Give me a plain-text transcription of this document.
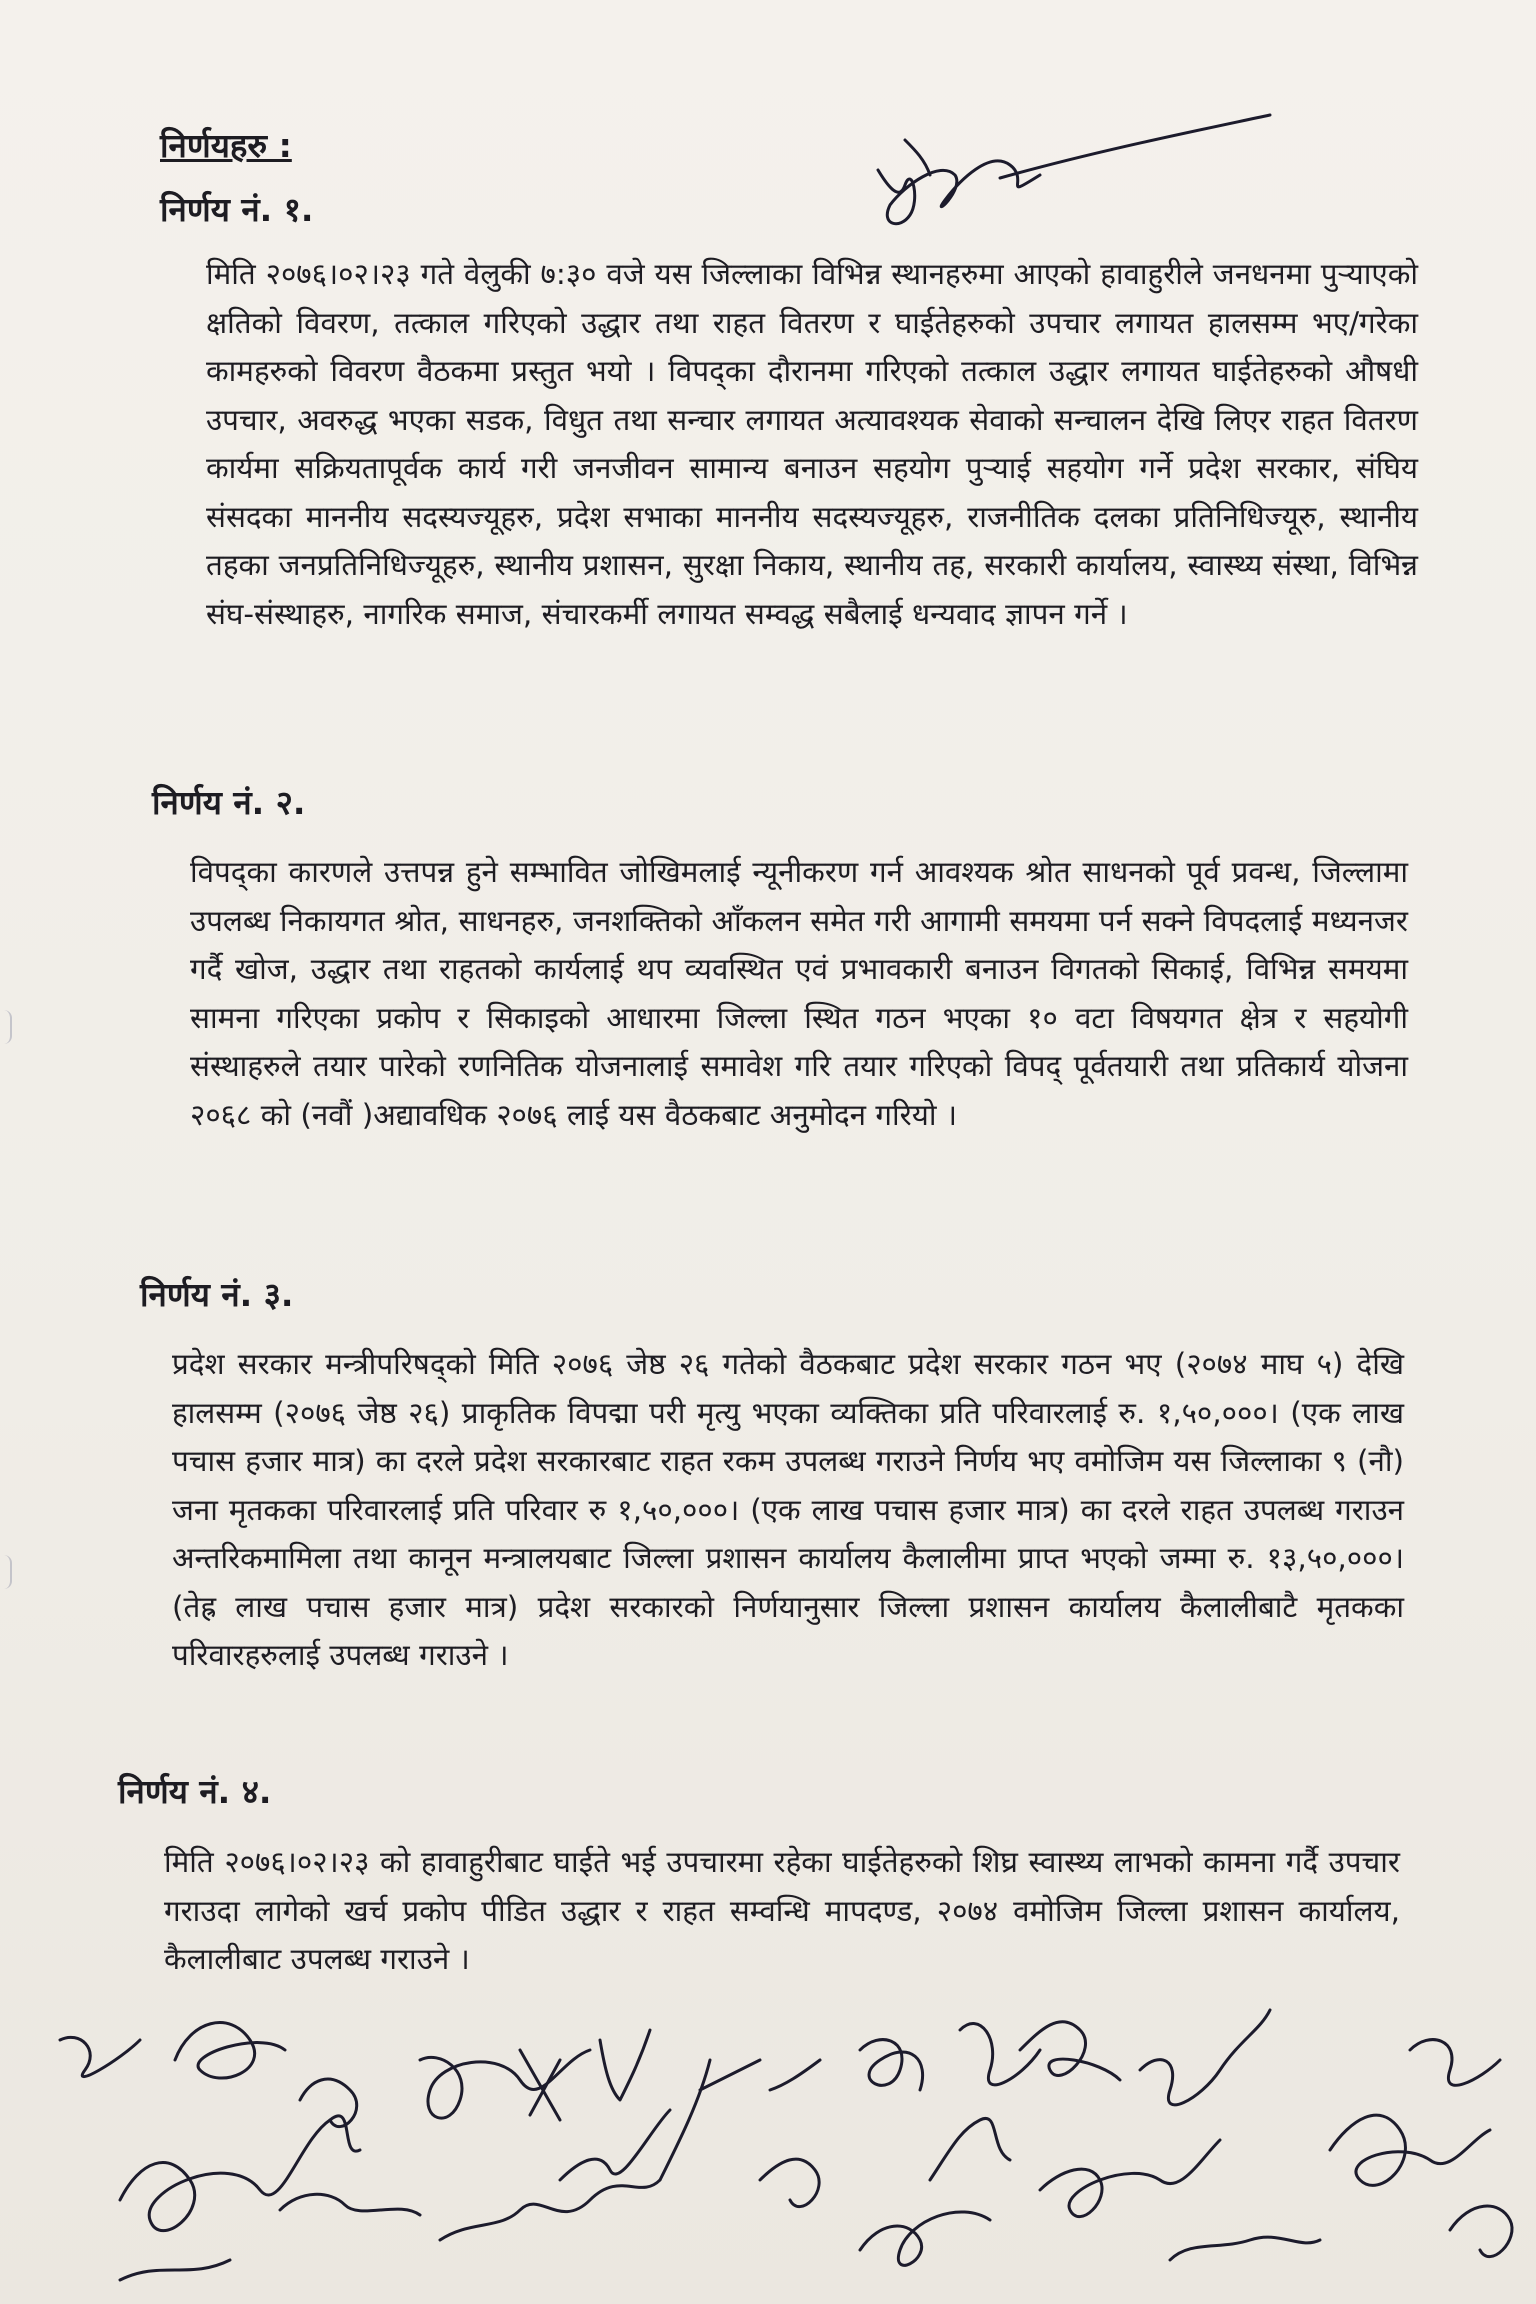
निर्णयहरु :
निर्णय नं. १.

मिति २०७६।०२।२३ गते वेलुकी ७:३० वजे यस जिल्लाका विभिन्न स्थानहरुमा आएको हावाहुरीले जनधनमा पुर्‍याएको क्षतिको विवरण, तत्काल गरिएको उद्धार तथा राहत वितरण र घाईतेहरुको उपचार लगायत हालसम्म भए/गरेका कामहरुको विवरण वैठकमा प्रस्तुत भयो । विपद्का दौरानमा गरिएको तत्काल उद्धार लगायत घाईतेहरुको औषधी उपचार, अवरुद्ध भएका सडक, विधुत तथा सन्चार लगायत अत्यावश्यक सेवाको सन्चालन देखि लिएर राहत वितरण कार्यमा सक्रियतापूर्वक कार्य गरी जनजीवन सामान्य बनाउन सहयोग पुर्‍याई सहयोग गर्ने प्रदेश सरकार, संघिय संसदका माननीय सदस्यज्यूहरु, प्रदेश सभाका माननीय सदस्यज्यूहरु, राजनीतिक दलका प्रतिनिधिज्यूरु, स्थानीय तहका जनप्रतिनिधिज्यूहरु, स्थानीय प्रशासन, सुरक्षा निकाय, स्थानीय तह, सरकारी कार्यालय, स्वास्थ्य संस्था, विभिन्न संघ-संस्थाहरु, नागरिक समाज, संचारकर्मी लगायत सम्वद्ध सबैलाई धन्यवाद ज्ञापन गर्ने ।

निर्णय नं. २.

विपद्का कारणले उत्तपन्न हुने सम्भावित जोखिमलाई न्यूनीकरण गर्न आवश्यक श्रोत साधनको पूर्व प्रवन्ध, जिल्लामा उपलब्ध निकायगत श्रोत, साधनहरु, जनशक्तिको आँकलन समेत गरी आगामी समयमा पर्न सक्ने विपदलाई मध्यनजर गर्दै खोज, उद्धार तथा राहतको कार्यलाई थप व्यवस्थित एवं प्रभावकारी बनाउन विगतको सिकाई, विभिन्न समयमा सामना गरिएका प्रकोप र सिकाइको आधारमा जिल्ला स्थित गठन भएका १० वटा विषयगत क्षेत्र र सहयोगी संस्थाहरुले तयार पारेको रणनितिक योजनालाई समावेश गरि तयार गरिएको विपद् पूर्वतयारी तथा प्रतिकार्य योजना २०६८ को (नवौं )अद्यावधिक २०७६ लाई यस वैठकबाट अनुमोदन गरियो ।

निर्णय नं. ३.

प्रदेश सरकार मन्त्रीपरिषद्को मिति २०७६ जेष्ठ २६ गतेको वैठकबाट प्रदेश सरकार गठन भए (२०७४ माघ ५) देखि हालसम्म (२०७६ जेष्ठ २६) प्राकृतिक विपद्मा परी मृत्यु भएका व्यक्तिका प्रति परिवारलाई रु. १,५०,०००। (एक लाख पचास हजार मात्र) का दरले प्रदेश सरकारबाट राहत रकम उपलब्ध गराउने निर्णय भए वमोजिम यस जिल्लाका ९ (नौ) जना मृतकका परिवारलाई प्रति परिवार रु १,५०,०००। (एक लाख पचास हजार मात्र) का दरले राहत उपलब्ध गराउन अन्तरिकमामिला तथा कानून मन्त्रालयबाट जिल्ला प्रशासन कार्यालय कैलालीमा प्राप्त भएको जम्मा रु. १३,५०,०००। (तेह्र लाख पचास हजार मात्र) प्रदेश सरकारको निर्णयानुसार जिल्ला प्रशासन कार्यालय कैलालीबाटै मृतकका परिवारहरुलाई उपलब्ध गराउने ।

निर्णय नं. ४.

मिति २०७६।०२।२३ को हावाहुरीबाट घाईते भई उपचारमा रहेका घाईतेहरुको शिघ्र स्वास्थ्य लाभको कामना गर्दै उपचार गराउदा लागेको खर्च प्रकोप पीडित उद्धार र राहत सम्वन्धि मापदण्ड, २०७४ वमोजिम जिल्ला प्रशासन कार्यालय, कैलालीबाट उपलब्ध गराउने ।
